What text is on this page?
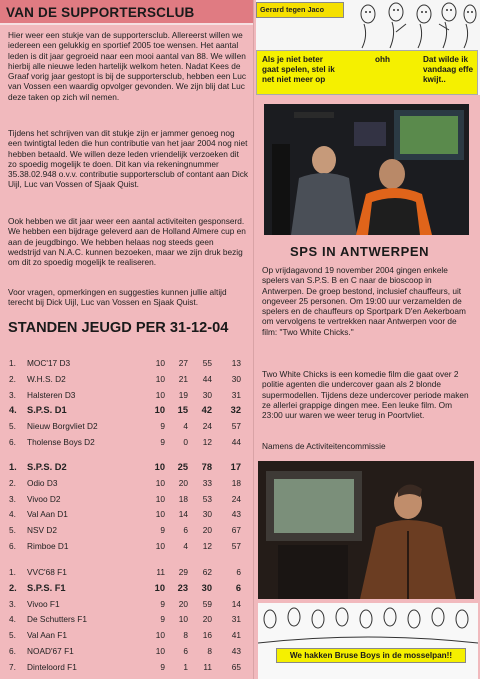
VAN DE SUPPORTERSCLUB

Hier weer een stukje van de supportersclub. Allereerst willen we iedereen een gelukkig en sportief 2005 toe wensen. Het aantal leden is dit jaar gegroeid naar een mooi aantal van 88. We willen hierbij alle nieuwe leden hartelijk welkom heten. Nadat Kees de Graaf vorig jaar gestopt is bij de supportersclub, hebben een Luc van Vossen een waardig opvolger gevonden. We zijn blij dat Luc deze taken op zich wil nemen.

Tijdens het schrijven van dit stukje zijn er jammer genoeg nog een twintigtal leden die hun contributie van het jaar 2004 nog niet hebben betaald. We willen deze leden vriendelijk verzoeken dit zo spoedig mogelijk te doen. Dit kan via rekeningnummer 35.38.02.948 o.v.v. contributie supportersclub of contant aan Dick Uijl, Luc van Vossen of Sjaak Quist.

Ook hebben we dit jaar weer een aantal activiteiten gesponserd. We hebben een bijdrage geleverd aan de Holland Almere cup en aan de jeugdbingo. We hebben helaas nog steeds geen wedstrijd van N.A.C. kunnen bezoeken, maar we zijn druk bezig om dit zo spoedig mogelijk te realiseren.

Voor vragen, opmerkingen en suggesties kunnen jullie altijd terecht bij Dick Uijl, Luc van Vossen en Sjaak Quist.

STANDEN JEUGD PER 31-12-04
1. MOC'17 D3	10	27	55	13
2. W.H.S. D2	10	21	44	30
3. Halsteren D3	10	19	30	31
4. S.P.S. D1	10	15	42	32
5. Nieuw Borgvliet D2	9	4	24	57
6. Tholense Boys D2	9	0	12	44
1. S.P.S. D2	10	25	78	17
2. Odio D3	10	20	33	18
3. Vivoo D2	10	18	53	24
4. Val Aan D1	10	14	30	43
5. NSV D2	9	6	20	67
6. Rimboe D1	10	4	12	57
1. VVC'68 F1	11	29	62	6
2. S.P.S. F1	10	23	30	6
3. Vivoo F1	9	20	59	14
4. De Schutters F1	9	10	20	31
5. Val Aan F1	10	8	16	41
6. NOAD'67 F1	10	6	8	43
7. Dinteloord F1	9	1	11	65
Gerard tegen Jaco
Als je niet beter gaat spelen, stel ik net niet meer op
ohh	Dat wilde ik vandaag effe kwijt..
SPS IN ANTWERPEN

Op vrijdagavond 19 november 2004 gingen enkele spelers van S.P.S. B en C naar de bioscoop in Antwerpen. De groep bestond, inclusief chauffeurs, uit ongeveer 25 personen. Om 19:00 uur verzamelden de spelers en de chauffeurs op Sportpark D'en Aekerboam om vervolgens te vertrekken naar Antwerpen voor de film: "Two White Chicks."

Two White Chicks is een komedie film die gaat over 2 politie agenten die undercover gaan als 2 blonde supermodellen. Tijdens deze undercover periode maken ze allerlei grappige dingen mee. Een leuke film. Om 23:00 uur waren we weer terug in Poortvliet.

Namens de Activiteitencommissie

We hakken Bruse Boys in de mosselpan!!
